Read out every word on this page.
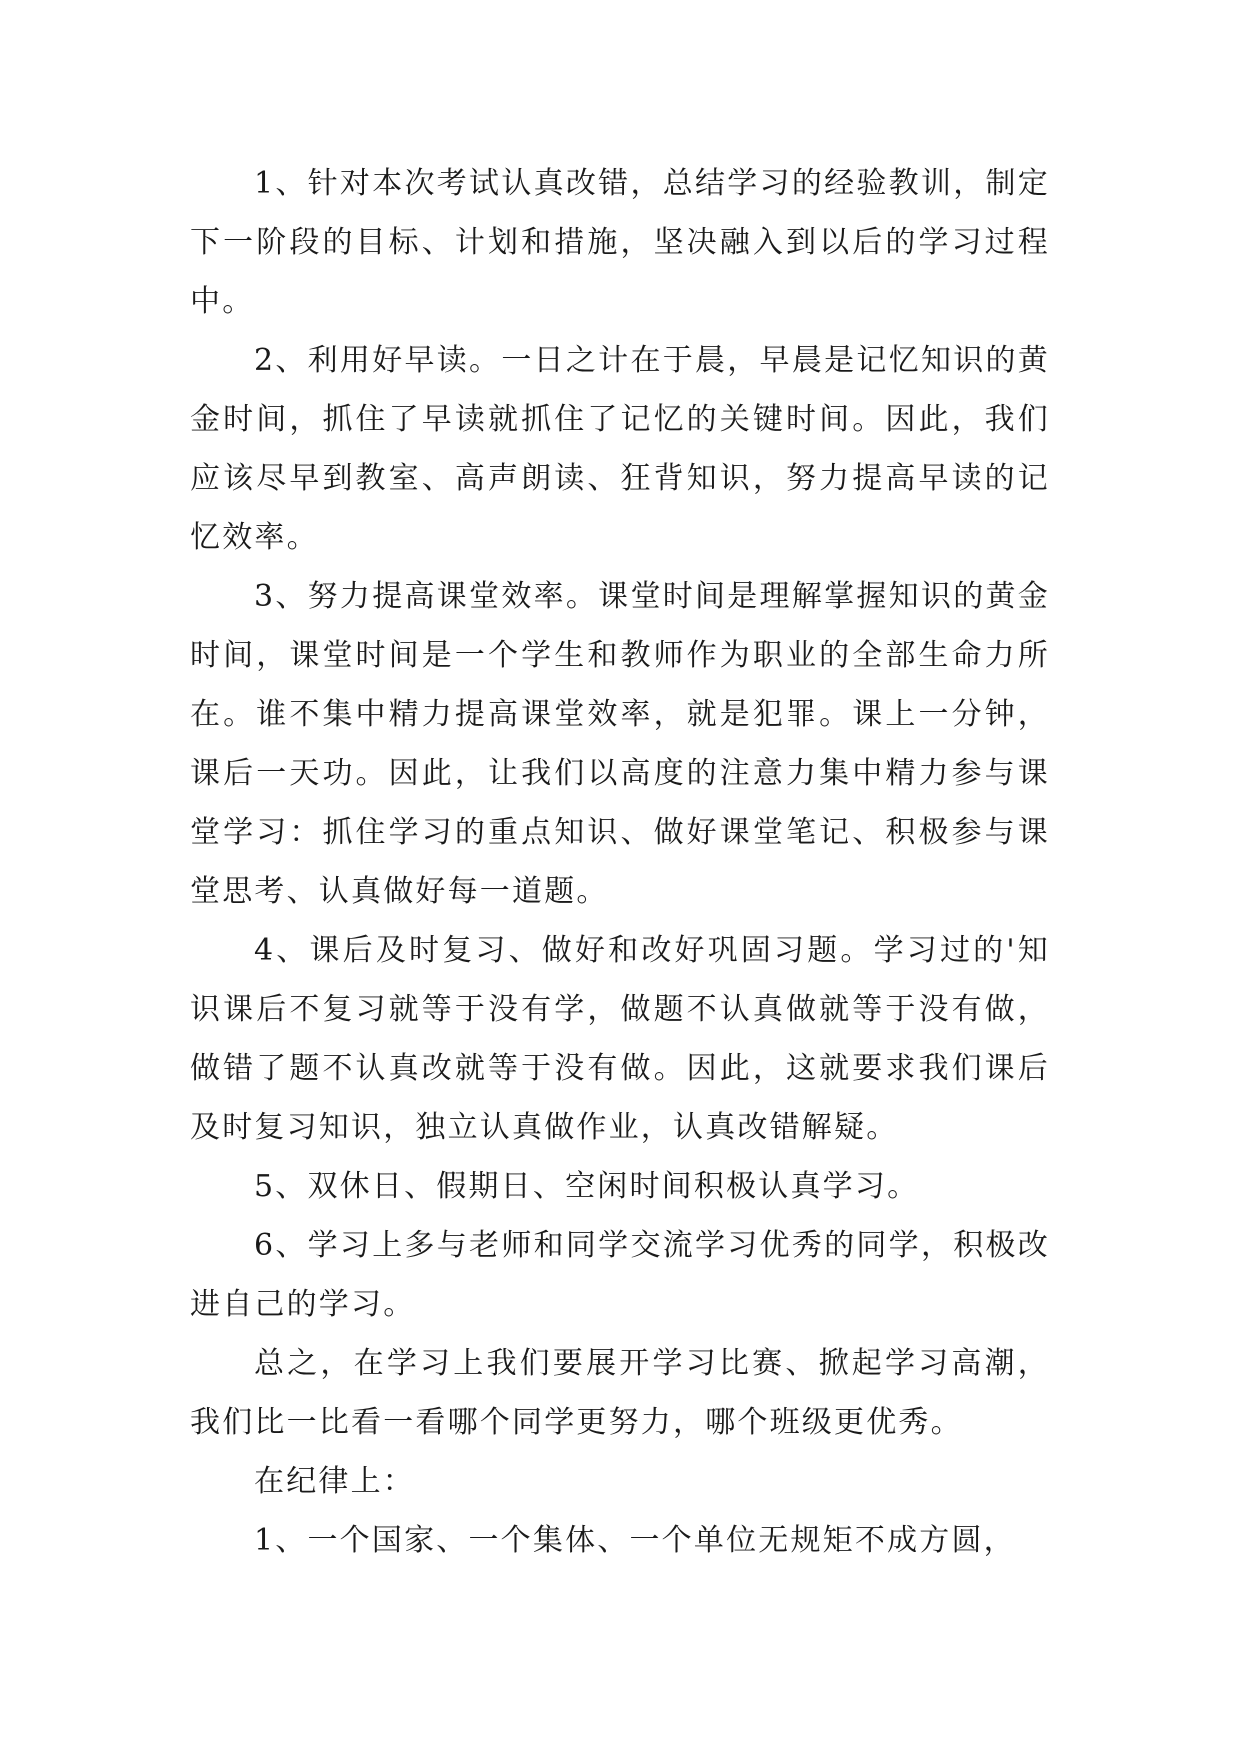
1、针对本次考试认真改错，总结学习的经验教训，制定下一阶段的目标、计划和措施，坚决融入到以后的学习过程中。

2、利用好早读。一日之计在于晨，早晨是记忆知识的黄金时间，抓住了早读就抓住了记忆的关键时间。因此，我们应该尽早到教室、高声朗读、狂背知识，努力提高早读的记忆效率。

3、努力提高课堂效率。课堂时间是理解掌握知识的黄金时间，课堂时间是一个学生和教师作为职业的全部生命力所在。谁不集中精力提高课堂效率，就是犯罪。课上一分钟，课后一天功。因此，让我们以高度的注意力集中精力参与课堂学习：抓住学习的重点知识、做好课堂笔记、积极参与课堂思考、认真做好每一道题。

4、课后及时复习、做好和改好巩固习题。学习过的'知识课后不复习就等于没有学，做题不认真做就等于没有做，做错了题不认真改就等于没有做。因此，这就要求我们课后及时复习知识，独立认真做作业，认真改错解疑。

5、双休日、假期日、空闲时间积极认真学习。

6、学习上多与老师和同学交流学习优秀的同学，积极改进自己的学习。

总之，在学习上我们要展开学习比赛、掀起学习高潮，我们比一比看一看哪个同学更努力，哪个班级更优秀。

在纪律上：

1、一个国家、一个集体、一个单位无规矩不成方圆，
